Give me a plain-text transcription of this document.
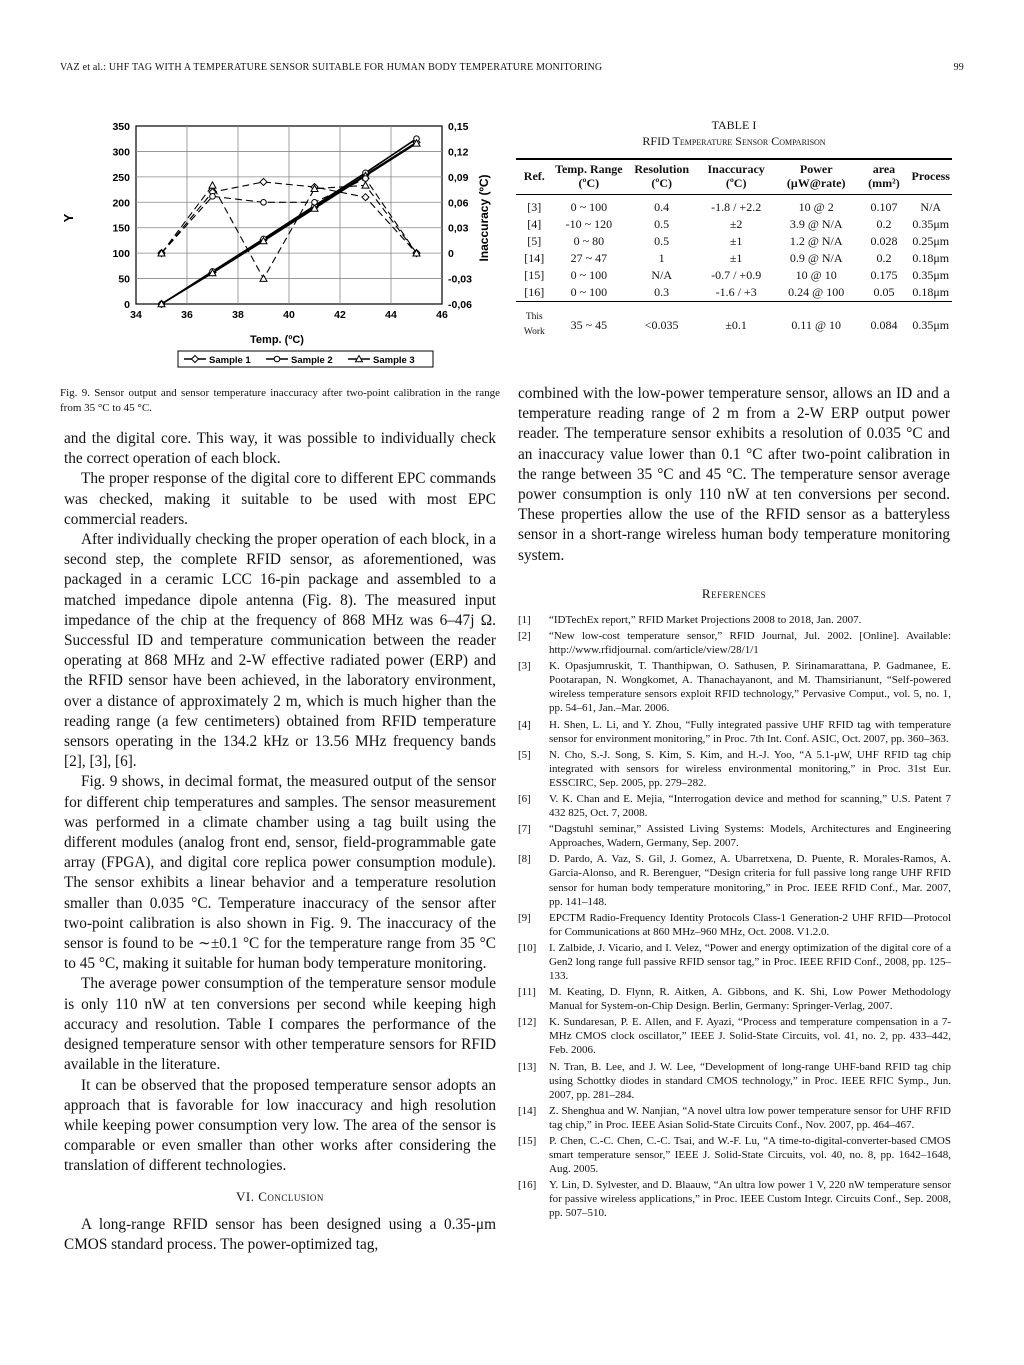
VAZ et al.: UHF TAG WITH A TEMPERATURE SENSOR SUITABLE FOR HUMAN BODY TEMPERATURE MONITORING	99
0
50
100
150
200
250
300
350
-0,06
-0,03
0
0,03
0,06
0,09
0,12
0,15
34	36	38	40	42	44	46
Y	Inaccuracy (ºC)
Temp. (ºC)
Sample 1	Sample 2	Sample 3
Fig. 9. Sensor output and sensor temperature inaccuracy after two-point calibration in the range from 35 °C to 45 °C.

and the digital core. This way, it was possible to individually check the correct operation of each block.

The proper response of the digital core to different EPC commands was checked, making it suitable to be used with most EPC commercial readers.

After individually checking the proper operation of each block, in a second step, the complete RFID sensor, as aforementioned, was packaged in a ceramic LCC 16-pin package and assembled to a matched impedance dipole antenna (Fig. 8). The measured input impedance of the chip at the frequency of 868 MHz was 6–47j Ω. Successful ID and temperature communication between the reader operating at 868 MHz and 2-W effective radiated power (ERP) and the RFID sensor have been achieved, in the laboratory environment, over a distance of approximately 2 m, which is much higher than the reading range (a few centimeters) obtained from RFID temperature sensors operating in the 134.2 kHz or 13.56 MHz frequency bands [2], [3], [6].

Fig. 9 shows, in decimal format, the measured output of the sensor for different chip temperatures and samples. The sensor measurement was performed in a climate chamber using a tag built using the different modules (analog front end, sensor, field-programmable gate array (FPGA), and digital core replica power consumption module). The sensor exhibits a linear behavior and a temperature resolution smaller than 0.035 °C. Temperature inaccuracy of the sensor after two-point calibration is also shown in Fig. 9. The inaccuracy of the sensor is found to be ∼±0.1 °C for the temperature range from 35 °C to 45 °C, making it suitable for human body temperature monitoring.

The average power consumption of the temperature sensor module is only 110 nW at ten conversions per second while keeping high accuracy and resolution. Table I compares the performance of the designed temperature sensor with other temperature sensors for RFID available in the literature.

It can be observed that the proposed temperature sensor adopts an approach that is favorable for low inaccuracy and high resolution while keeping power consumption very low. The area of the sensor is comparable or even smaller than other works after considering the translation of different technologies.

VI. Conclusion

A long-range RFID sensor has been designed using a 0.35-μm CMOS standard process. The power-optimized tag,

TABLE I
RFID Temperature Sensor Comparison
Ref.	Temp. Range (ºC)	Resolution (ºC)	Inaccuracy (ºC)	Power (μW@rate)	area (mm²)	Process
[3]	0 ~ 100	0.4	-1.8 / +2.2	10 @ 2	0.107	N/A
[4]	-10 ~ 120	0.5	±2	3.9 @ N/A	0.2	0.35μm
[5]	0 ~ 80	0.5	±1	1.2 @ N/A	0.028	0.25μm
[14]	27 ~ 47	1	±1	0.9 @ N/A	0.2	0.18μm
[15]	0 ~ 100	N/A	-0.7 / +0.9	10 @ 10	0.175	0.35μm
[16]	0 ~ 100	0.3	-1.6 / +3	0.24 @ 100	0.05	0.18μm
This Work	35 ~ 45	<0.035	±0.1	0.11 @ 10	0.084	0.35μm

combined with the low-power temperature sensor, allows an ID and a temperature reading range of 2 m from a 2-W ERP output power reader. The temperature sensor exhibits a resolution of 0.035 °C and an inaccuracy value lower than 0.1 °C after two-point calibration in the range between 35 °C and 45 °C. The temperature sensor average power consumption is only 110 nW at ten conversions per second. These properties allow the use of the RFID sensor as a batteryless sensor in a short-range wireless human body temperature monitoring system.

References
[1]	“IDTechEx report,” RFID Market Projections 2008 to 2018, Jan. 2007.
[2]	“New low-cost temperature sensor,” RFID Journal, Jul. 2002. [Online]. Available: http://www.rfidjournal. com/article/view/28/1/1
[3]	K. Opasjumruskit, T. Thanthipwan, O. Sathusen, P. Sirinamarattana, P. Gadmanee, E. Pootarapan, N. Wongkomet, A. Thanachayanont, and M. Thamsirianunt, “Self-powered wireless temperature sensors exploit RFID technology,” Pervasive Comput., vol. 5, no. 1, pp. 54–61, Jan.–Mar. 2006.
[4]	H. Shen, L. Li, and Y. Zhou, “Fully integrated passive UHF RFID tag with temperature sensor for environment monitoring,” in Proc. 7th Int. Conf. ASIC, Oct. 2007, pp. 360–363.
[5]	N. Cho, S.-J. Song, S. Kim, S. Kim, and H.-J. Yoo, “A 5.1-μW, UHF RFID tag chip integrated with sensors for wireless environmental monitoring,” in Proc. 31st Eur. ESSCIRC, Sep. 2005, pp. 279–282.
[6]	V. K. Chan and E. Mejia, “Interrogation device and method for scanning,” U.S. Patent 7 432 825, Oct. 7, 2008.
[7]	“Dagstuhl seminar,” Assisted Living Systems: Models, Architectures and Engineering Approaches, Wadern, Germany, Sep. 2007.
[8]	D. Pardo, A. Vaz, S. Gil, J. Gomez, A. Ubarretxena, D. Puente, R. Morales-Ramos, A. Garcia-Alonso, and R. Berenguer, “Design criteria for full passive long range UHF RFID sensor for human body temperature monitoring,” in Proc. IEEE RFID Conf., Mar. 2007, pp. 141–148.
[9]	EPCTM Radio-Frequency Identity Protocols Class-1 Generation-2 UHF RFID—Protocol for Communications at 860 MHz–960 MHz, Oct. 2008. V1.2.0.
[10]	I. Zalbide, J. Vicario, and I. Velez, “Power and energy optimization of the digital core of a Gen2 long range full passive RFID sensor tag,” in Proc. IEEE RFID Conf., 2008, pp. 125–133.
[11]	M. Keating, D. Flynn, R. Aitken, A. Gibbons, and K. Shi, Low Power Methodology Manual for System-on-Chip Design. Berlin, Germany: Springer-Verlag, 2007.
[12]	K. Sundaresan, P. E. Allen, and F. Ayazi, “Process and temperature compensation in a 7-MHz CMOS clock oscillator,” IEEE J. Solid-State Circuits, vol. 41, no. 2, pp. 433–442, Feb. 2006.
[13]	N. Tran, B. Lee, and J. W. Lee, “Development of long-range UHF-band RFID tag chip using Schottky diodes in standard CMOS technology,” in Proc. IEEE RFIC Symp., Jun. 2007, pp. 281–284.
[14]	Z. Shenghua and W. Nanjian, “A novel ultra low power temperature sensor for UHF RFID tag chip,” in Proc. IEEE Asian Solid-State Circuits Conf., Nov. 2007, pp. 464–467.
[15]	P. Chen, C.-C. Chen, C.-C. Tsai, and W.-F. Lu, “A time-to-digital-converter-based CMOS smart temperature sensor,” IEEE J. Solid-State Circuits, vol. 40, no. 8, pp. 1642–1648, Aug. 2005.
[16]	Y. Lin, D. Sylvester, and D. Blaauw, “An ultra low power 1 V, 220 nW temperature sensor for passive wireless applications,” in Proc. IEEE Custom Integr. Circuits Conf., Sep. 2008, pp. 507–510.
